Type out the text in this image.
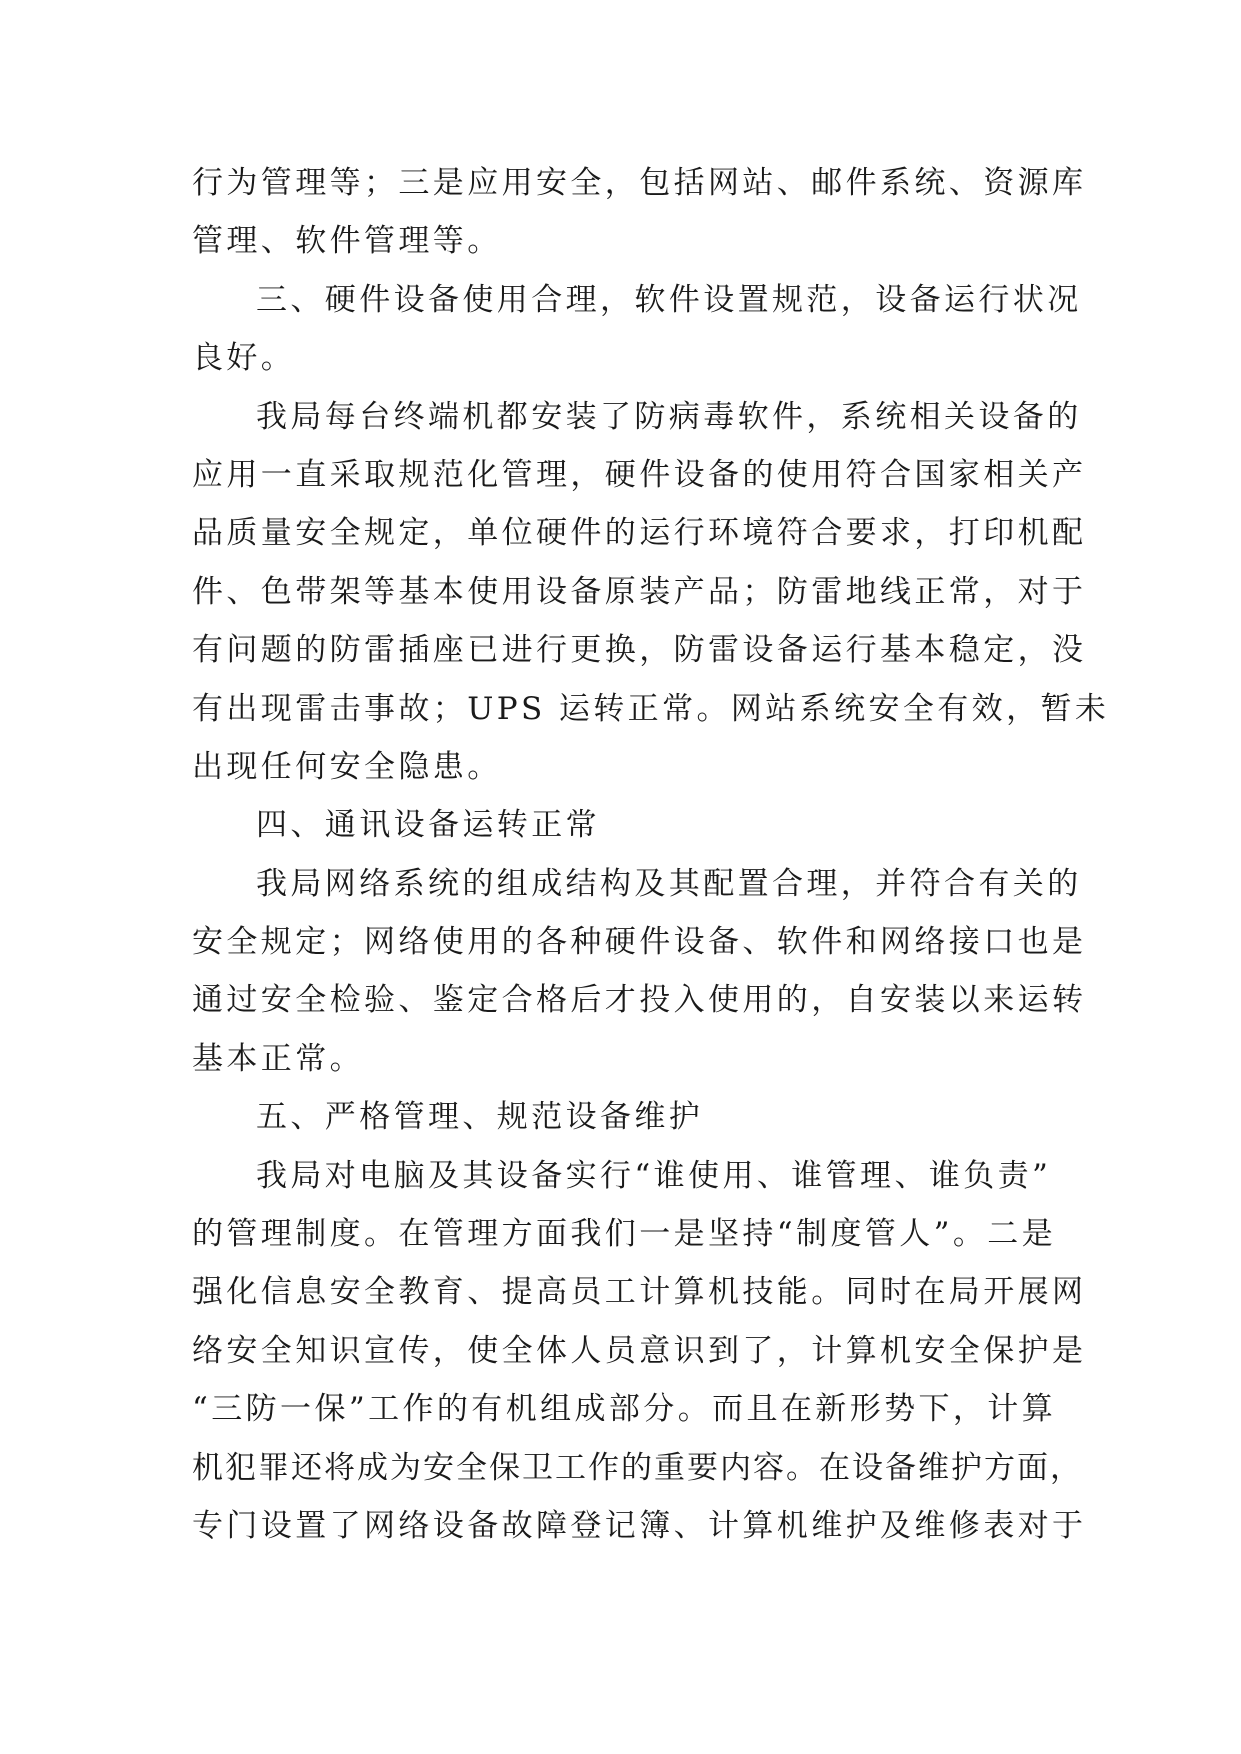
行为管理等；三是应用安全，包括网站、邮件系统、资源库
管理、软件管理等。
三、硬件设备使用合理，软件设置规范，设备运行状况
良好。
我局每台终端机都安装了防病毒软件，系统相关设备的
应用一直采取规范化管理，硬件设备的使用符合国家相关产
品质量安全规定，单位硬件的运行环境符合要求，打印机配
件、色带架等基本使用设备原装产品；防雷地线正常，对于
有问题的防雷插座已进行更换，防雷设备运行基本稳定，没
有出现雷击事故；UPS 运转正常。网站系统安全有效，暂未
出现任何安全隐患。
四、通讯设备运转正常
我局网络系统的组成结构及其配置合理，并符合有关的
安全规定；网络使用的各种硬件设备、软件和网络接口也是
通过安全检验、鉴定合格后才投入使用的，自安装以来运转
基本正常。
五、严格管理、规范设备维护
我局对电脑及其设备实行“谁使用、谁管理、谁负责”
的管理制度。在管理方面我们一是坚持“制度管人”。二是
强化信息安全教育、提高员工计算机技能。同时在局开展网
络安全知识宣传，使全体人员意识到了，计算机安全保护是
“三防一保”工作的有机组成部分。而且在新形势下，计算
机犯罪还将成为安全保卫工作的重要内容。在设备维护方面，
专门设置了网络设备故障登记簿、计算机维护及维修表对于
